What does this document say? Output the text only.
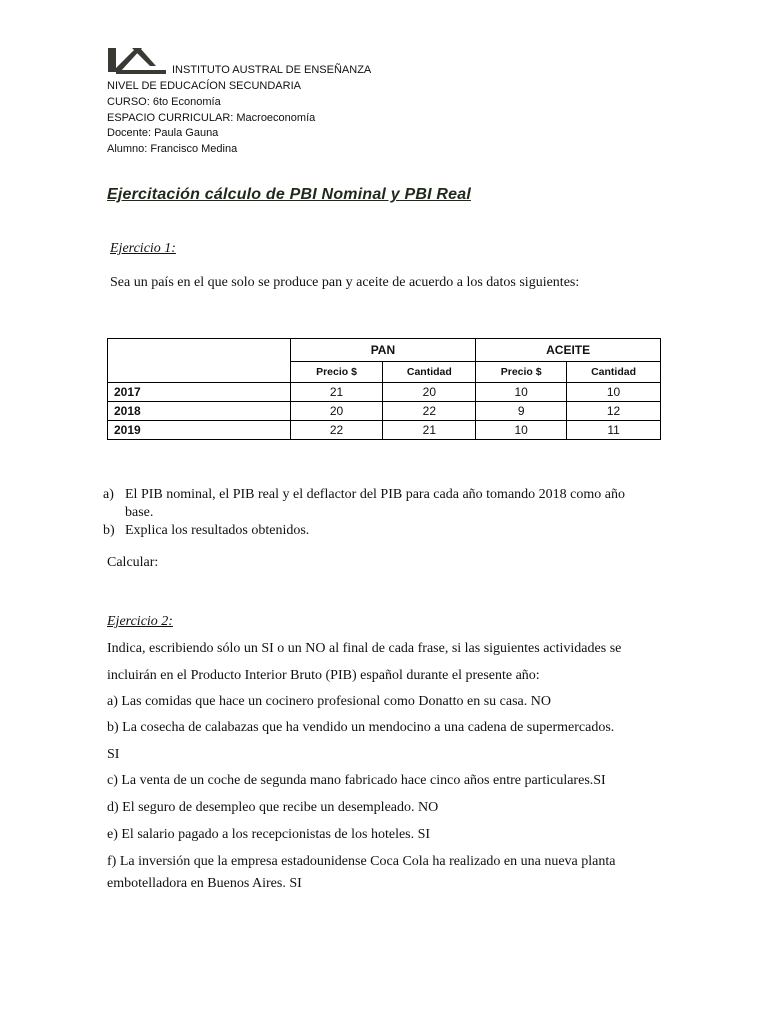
INSTITUTO AUSTRAL DE ENSEÑANZA
NIVEL DE EDUCACÍON SECUNDARIA
CURSO: 6to Economía
ESPACIO CURRICULAR: Macroeconomía
Docente: Paula Gauna
Alumno: Francisco Medina
Ejercitación cálculo de PBI Nominal y PBI Real
Ejercicio 1:
Sea un país en el que solo se produce pan y aceite de acuerdo a los datos siguientes:
	PAN		ACEITE	
	Precio $	Cantidad	Precio $	Cantidad
2017	21	20	10	10
2018	20	22	9	12
2019	22	21	10	11
a) El PIB nominal, el PIB real y el deflactor del PIB para cada año tomando 2018 como año
base.
b) Explica los resultados obtenidos.
Calcular:
Ejercicio 2:
Indica, escribiendo sólo un SI o un NO al final de cada frase, si las siguientes actividades se
incluirán en el Producto Interior Bruto (PIB) español durante el presente año:
a) Las comidas que hace un cocinero profesional como Donatto en su casa. NO
b) La cosecha de calabazas que ha vendido un mendocino a una cadena de supermercados.
SI
c) La venta de un coche de segunda mano fabricado hace cinco años entre particulares.SI
d) El seguro de desempleo que recibe un desempleado. NO
e) El salario pagado a los recepcionistas de los hoteles. SI
f) La inversión que la empresa estadounidense Coca Cola ha realizado en una nueva planta
embotelladora en Buenos Aires. SI
